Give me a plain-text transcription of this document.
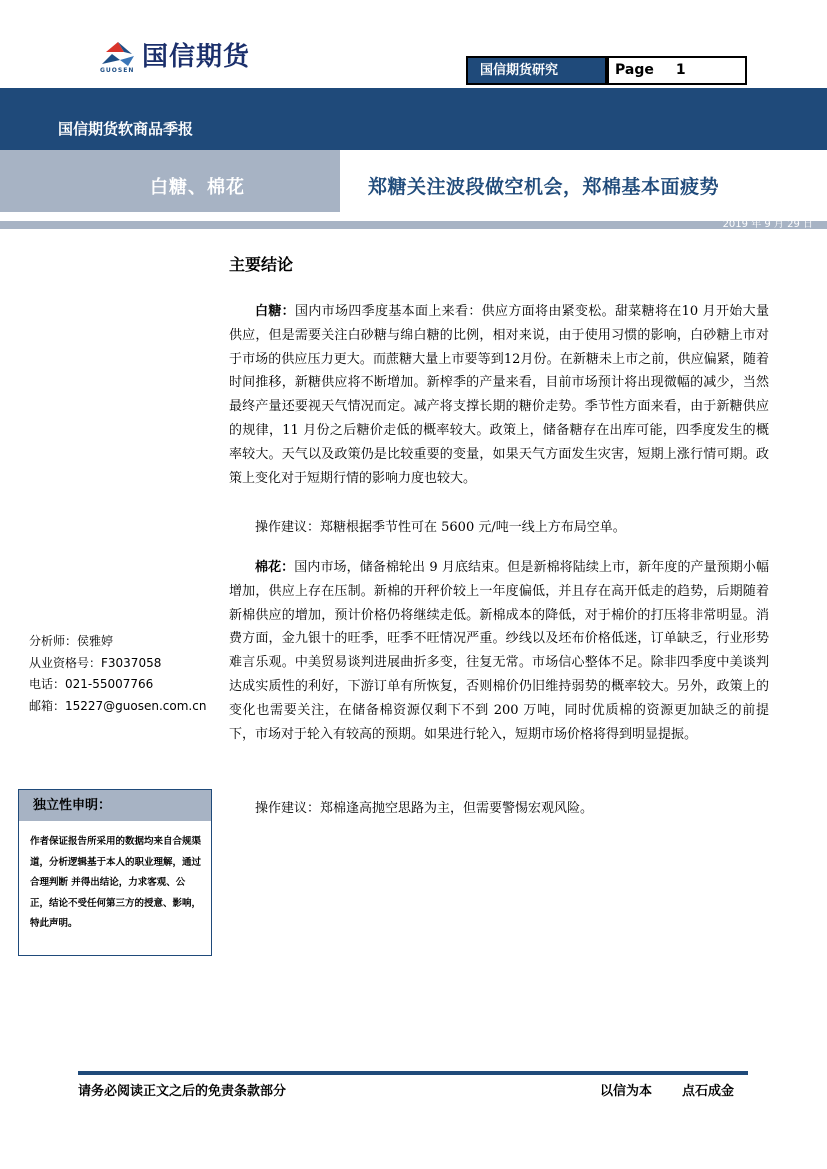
GUOSEN 国信期货	国信期货研究	Page 1
国信期货软商品季报
白糖、棉花	郑糖关注波段做空机会，郑棉基本面疲势
2019 年 9 月 29 日
主要结论
白糖：国内市场四季度基本面上来看：供应方面将由紧变松。甜菜糖将在10 月开始大量供应，但是需要关注白砂糖与绵白糖的比例，相对来说，由于使用习惯的影响，白砂糖上市对于市场的供应压力更大。而蔗糖大量上市要等到12月份。在新糖未上市之前，供应偏紧，随着时间推移，新糖供应将不断增加。新榨季的产量来看，目前市场预计将出现微幅的减少，当然最终产量还要视天气情况而定。减产将支撑长期的糖价走势。季节性方面来看，由于新糖供应的规律，11 月份之后糖价走低的概率较大。政策上，储备糖存在出库可能，四季度发生的概率较大。天气以及政策仍是比较重要的变量，如果天气方面发生灾害，短期上涨行情可期。政策上变化对于短期行情的影响力度也较大。
操作建议：郑糖根据季节性可在 5600 元/吨一线上方布局空单。
棉花：国内市场，储备棉轮出 9 月底结束。但是新棉将陆续上市，新年度的产量预期小幅增加，供应上存在压制。新棉的开秤价较上一年度偏低，并且存在高开低走的趋势，后期随着新棉供应的增加，预计价格仍将继续走低。新棉成本的降低，对于棉价的打压将非常明显。消费方面，金九银十的旺季，旺季不旺情况严重。纱线以及坯布价格低迷，订单缺乏，行业形势难言乐观。中美贸易谈判进展曲折多变，往复无常。市场信心整体不足。除非四季度中美谈判达成实质性的利好，下游订单有所恢复，否则棉价仍旧维持弱势的概率较大。另外，政策上的变化也需要关注，在储备棉资源仅剩下不到 200 万吨，同时优质棉的资源更加缺乏的前提下，市场对于轮入有较高的预期。如果进行轮入，短期市场价格将得到明显提振。
操作建议：郑棉逢高抛空思路为主，但需要警惕宏观风险。
分析师：侯雅婷
从业资格号：F3037058
电话：021-55007766
邮箱：15227@guosen.com.cn
独立性申明：
作者保证报告所采用的数据均来自合规渠道，分析逻辑基于本人的职业理解，通过合理判断 并得出结论，力求客观、公正，结论不受任何第三方的授意、影响，特此声明。
请务必阅读正文之后的免责条款部分	以信为本 点石成金
